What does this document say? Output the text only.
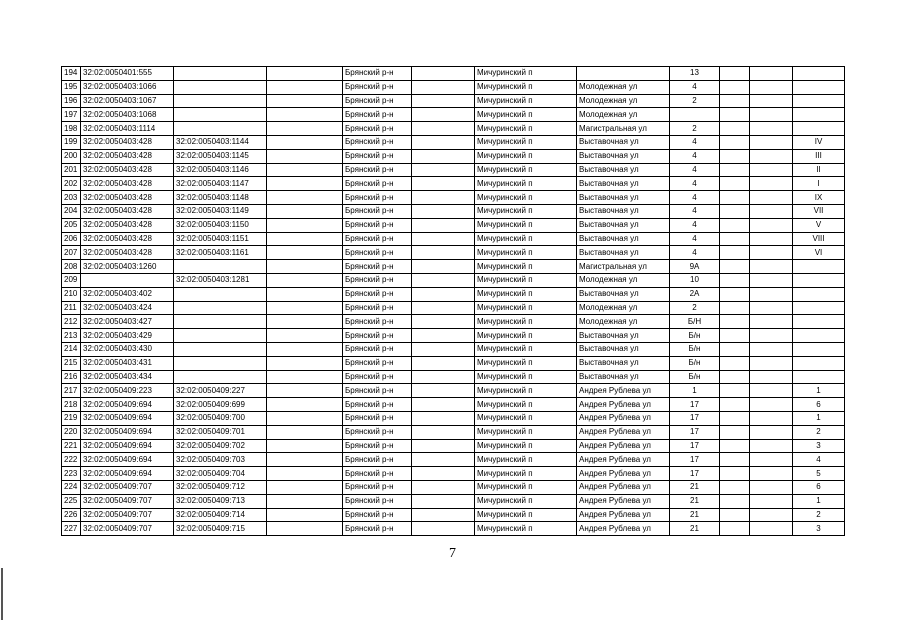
194	32:02:0050401:555			Брянский р-н		Мичуринский п		13			
195	32:02:0050403:1066			Брянский р-н		Мичуринский п	Молодежная ул	4			
196	32:02:0050403:1067			Брянский р-н		Мичуринский п	Молодежная ул	2			
197	32:02:0050403:1068			Брянский р-н		Мичуринский п	Молодежная ул				
198	32:02:0050403:1114			Брянский р-н		Мичуринский п	Магистральная ул	2			
199	32:02:0050403:428	32:02:0050403:1144		Брянский р-н		Мичуринский п	Выставочная ул	4			IV
200	32:02:0050403:428	32:02:0050403:1145		Брянский р-н		Мичуринский п	Выставочная ул	4			III
201	32:02:0050403:428	32:02:0050403:1146		Брянский р-н		Мичуринский п	Выставочная ул	4			II
202	32:02:0050403:428	32:02:0050403:1147		Брянский р-н		Мичуринский п	Выставочная ул	4			I
203	32:02:0050403:428	32:02:0050403:1148		Брянский р-н		Мичуринский п	Выставочная ул	4			IX
204	32:02:0050403:428	32:02:0050403:1149		Брянский р-н		Мичуринский п	Выставочная ул	4			VII
205	32:02:0050403:428	32:02:0050403:1150		Брянский р-н		Мичуринский п	Выставочная ул	4			V
206	32:02:0050403:428	32:02:0050403:1151		Брянский р-н		Мичуринский п	Выставочная ул	4			VIII
207	32:02:0050403:428	32:02:0050403:1161		Брянский р-н		Мичуринский п	Выставочная ул	4			VI
208	32:02:0050403:1260			Брянский р-н		Мичуринский п	Магистральная ул	9А			
209		32:02:0050403:1281		Брянский р-н		Мичуринский п	Молодежная ул	10			
210	32:02:0050403:402			Брянский р-н		Мичуринский п	Выставочная ул	2А			
211	32:02:0050403:424			Брянский р-н		Мичуринский п	Молодежная ул	2			
212	32:02:0050403:427			Брянский р-н		Мичуринский п	Молодежная ул	Б/Н			
213	32:02:0050403:429			Брянский р-н		Мичуринский п	Выставочная ул	Б/н			
214	32:02:0050403:430			Брянский р-н		Мичуринский п	Выставочная ул	Б/н			
215	32:02:0050403:431			Брянский р-н		Мичуринский п	Выставочная ул	Б/н			
216	32:02:0050403:434			Брянский р-н		Мичуринский п	Выставочная ул	Б/н			
217	32:02:0050409:223	32:02:0050409:227		Брянский р-н		Мичуринский п	Андрея Рублева ул	1			1
218	32:02:0050409:694	32:02:0050409:699		Брянский р-н		Мичуринский п	Андрея Рублева ул	17			6
219	32:02:0050409:694	32:02:0050409:700		Брянский р-н		Мичуринский п	Андрея Рублева ул	17			1
220	32:02:0050409:694	32:02:0050409:701		Брянский р-н		Мичуринский п	Андрея Рублева ул	17			2
221	32:02:0050409:694	32:02:0050409:702		Брянский р-н		Мичуринский п	Андрея Рублева ул	17			3
222	32:02:0050409:694	32:02:0050409:703		Брянский р-н		Мичуринский п	Андрея Рублева ул	17			4
223	32:02:0050409:694	32:02:0050409:704		Брянский р-н		Мичуринский п	Андрея Рублева ул	17			5
224	32:02:0050409:707	32:02:0050409:712		Брянский р-н		Мичуринский п	Андрея Рублева ул	21			6
225	32:02:0050409:707	32:02:0050409:713		Брянский р-н		Мичуринский п	Андрея Рублева ул	21			1
226	32:02:0050409:707	32:02:0050409:714		Брянский р-н		Мичуринский п	Андрея Рублева ул	21			2
227	32:02:0050409:707	32:02:0050409:715		Брянский р-н		Мичуринский п	Андрея Рублева ул	21			3
7
